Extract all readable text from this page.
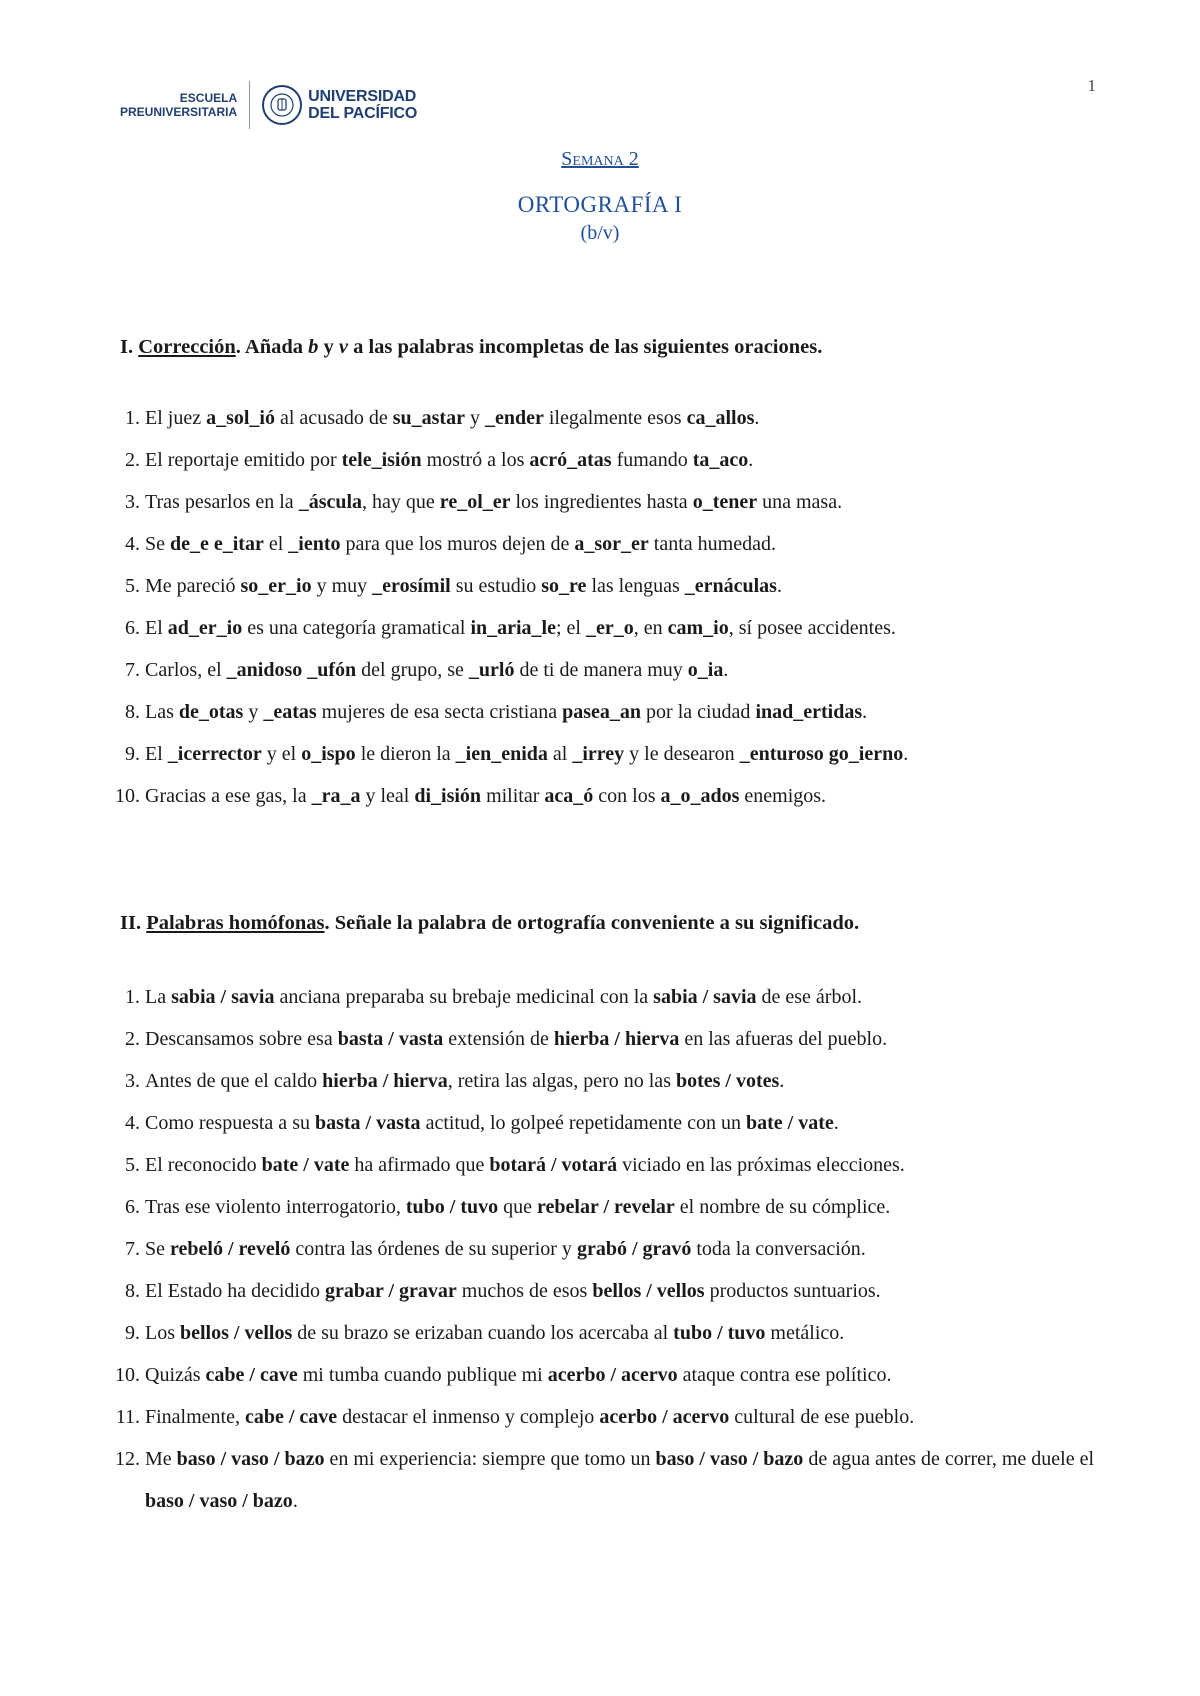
1
ESCUELA
PREUNIVERSITARIA
UNIVERSIDAD
DEL PACÍFICO
Semana 2
ORTOGRAFÍA I
(b/v)
I. Corrección. Añada b y v a las palabras incompletas de las siguientes oraciones.
1. El juez a_sol_ió al acusado de su_astar y _ender ilegalmente esos ca_allos.
2. El reportaje emitido por tele_isión mostró a los acró_atas fumando ta_aco.
3. Tras pesarlos en la _áscula, hay que re_ol_er los ingredientes hasta o_tener una masa.
4. Se de_e e_itar el _iento para que los muros dejen de a_sor_er tanta humedad.
5. Me pareció so_er_io y muy _erosímil su estudio so_re las lenguas _ernáculas.
6. El ad_er_io es una categoría gramatical in_aria_le; el _er_o, en cam_io, sí posee accidentes.
7. Carlos, el _anidoso _ufón del grupo, se _urló de ti de manera muy o_ia.
8. Las de_otas y _eatas mujeres de esa secta cristiana pasea_an por la ciudad inad_ertidas.
9. El _icerrector y el o_ispo le dieron la _ien_enida al _irrey y le desearon _enturoso go_ierno.
10. Gracias a ese gas, la _ra_a y leal di_isión militar aca_ó con los a_o_ados enemigos.
II. Palabras homófonas. Señale la palabra de ortografía conveniente a su significado.
1. La sabia / savia anciana preparaba su brebaje medicinal con la sabia / savia de ese árbol.
2. Descansamos sobre esa basta / vasta extensión de hierba / hierva en las afueras del pueblo.
3. Antes de que el caldo hierba / hierva, retira las algas, pero no las botes / votes.
4. Como respuesta a su basta / vasta actitud, lo golpeé repetidamente con un bate / vate.
5. El reconocido bate / vate ha afirmado que botará / votará viciado en las próximas elecciones.
6. Tras ese violento interrogatorio, tubo / tuvo que rebelar / revelar el nombre de su cómplice.
7. Se rebeló / reveló contra las órdenes de su superior y grabó / gravó toda la conversación.
8. El Estado ha decidido grabar / gravar muchos de esos bellos / vellos productos suntuarios.
9. Los bellos / vellos de su brazo se erizaban cuando los acercaba al tubo / tuvo metálico.
10. Quizás cabe / cave mi tumba cuando publique mi acerbo / acervo ataque contra ese político.
11. Finalmente, cabe / cave destacar el inmenso y complejo acerbo / acervo cultural de ese pueblo.
12. Me baso / vaso / bazo en mi experiencia: siempre que tomo un baso / vaso / bazo de agua antes de correr, me duele el baso / vaso / bazo.
